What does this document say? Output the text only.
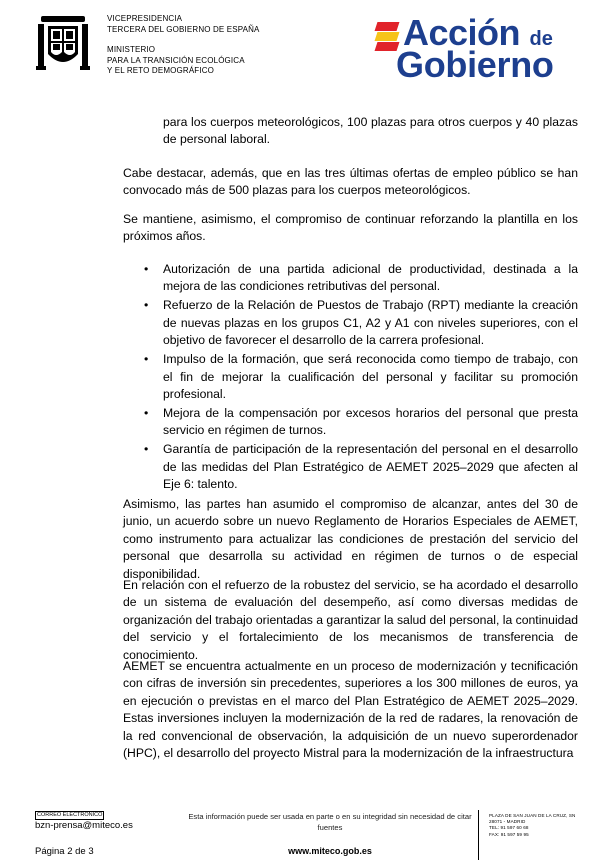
VICEPRESIDENCIA
TERCERA DEL GOBIERNO DE ESPAÑA
MINISTERIO
PARA LA TRANSICIÓN ECOLÓGICA
Y EL RETO DEMOGRÁFICO
Acción de
Gobierno
para los cuerpos meteorológicos, 100 plazas para otros cuerpos y 40 plazas de personal laboral.
Cabe destacar, además, que en las tres últimas ofertas de empleo público se han convocado más de 500 plazas para los cuerpos meteorológicos.
Se mantiene, asimismo, el compromiso de continuar reforzando la plantilla en los próximos años.
• Autorización de una partida adicional de productividad, destinada a la mejora de las condiciones retributivas del personal.
• Refuerzo de la Relación de Puestos de Trabajo (RPT) mediante la creación de nuevas plazas en los grupos C1, A2 y A1 con niveles superiores, con el objetivo de favorecer el desarrollo de la carrera profesional.
• Impulso de la formación, que será reconocida como tiempo de trabajo, con el fin de mejorar la cualificación del personal y facilitar su promoción profesional.
• Mejora de la compensación por excesos horarios del personal que presta servicio en régimen de turnos.
• Garantía de participación de la representación del personal en el desarrollo de las medidas del Plan Estratégico de AEMET 2025–2029 que afecten al Eje 6: talento.
Asimismo, las partes han asumido el compromiso de alcanzar, antes del 30 de junio, un acuerdo sobre un nuevo Reglamento de Horarios Especiales de AEMET, como instrumento para actualizar las condiciones de prestación del servicio del personal que desarrolla su actividad en régimen de turnos o de especial disponibilidad.
En relación con el refuerzo de la robustez del servicio, se ha acordado el desarrollo de un sistema de evaluación del desempeño, así como diversas medidas de organización del trabajo orientadas a garantizar la salud del personal, la continuidad del servicio y el fortalecimiento de los mecanismos de transferencia de conocimiento.
AEMET se encuentra actualmente en un proceso de modernización y tecnificación con cifras de inversión sin precedentes, superiores a los 300 millones de euros, ya en ejecución o previstas en el marco del Plan Estratégico de AEMET 2025–2029. Estas inversiones incluyen la modernización de la red de radares, la renovación de la red convencional de observación, la adquisición de un nuevo superordenador (HPC), el desarrollo del proyecto Mistral para la modernización de la infraestructura
CORREO ELECTRÓNICO
bzn-prensa@miteco.es
Página 2 de 3
Esta información puede ser usada en parte o en su integridad sin necesidad de citar fuentes
www.miteco.gob.es
PLAZA DE SAN JUAN DE LA CRUZ, SN
28071 - MADRID
TEL: 91 597 60 68
FAX: 91 597 59 95
